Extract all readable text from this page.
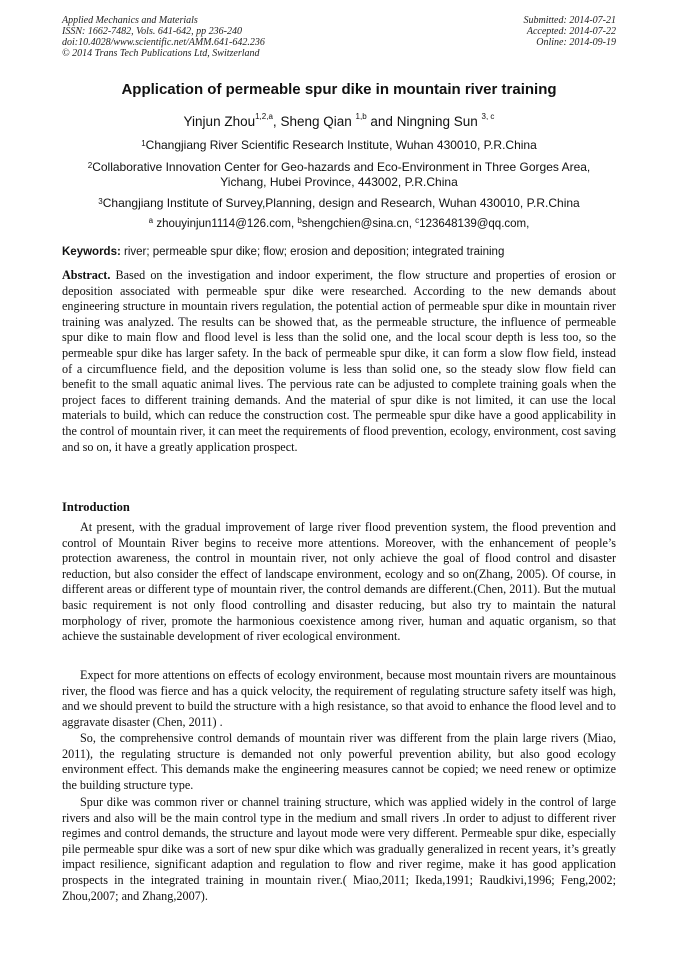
Applied Mechanics and Materials
ISSN: 1662-7482, Vols. 641-642, pp 236-240
doi:10.4028/www.scientific.net/AMM.641-642.236
© 2014 Trans Tech Publications Ltd, Switzerland
Submitted: 2014-07-21
Accepted: 2014-07-22
Online: 2014-09-19
Application of permeable spur dike in mountain river training
Yinjun Zhou$^{1,2,a}$, Sheng Qian $^{1,b}$ and Ningning Sun $^{3, c}$
$^1$Changjiang River Scientific Research Institute, Wuhan 430010, P.R.China
$^2$Collaborative Innovation Center for Geo-hazards and Eco-Environment in Three Gorges Area,
Yichang, Hubei Province, 443002, P.R.China
$^3$Changjiang Institute of Survey,Planning, design and Research, Wuhan 430010, P.R.China
$^a$ zhouyinjun1114@126.com, $^b$shengchien@sina.cn, $^c$123648139@qq.com,
Keywords: river; permeable spur dike; flow; erosion and deposition; integrated training
Abstract. Based on the investigation and indoor experiment, the flow structure and properties of erosion or deposition associated with permeable spur dike were researched. According to the new demands about engineering structure in mountain rivers regulation, the potential action of permeable spur dike in mountain river training was analyzed. The results can be showed that, as the permeable structure, the influence of permeable spur dike to main flow and flood level is less than the solid one, and the local scour depth is less too, so the permeable spur dike has larger safety. In the back of permeable spur dike, it can form a slow flow field, instead of a circumfluence field, and the deposition volume is less than solid one, so the steady slow flow field can benefit to the small aquatic animal lives. The pervious rate can be adjusted to complete training goals when the project faces to different training demands. And the material of spur dike is not limited, it can use the local materials to build, which can reduce the construction cost. The permeable spur dike have a good applicability in the control of mountain river, it can meet the requirements of flood prevention, ecology, environment, cost saving and so on, it have a greatly application prospect.
Introduction
At present, with the gradual improvement of large river flood prevention system, the flood prevention and control of Mountain River begins to receive more attentions. Moreover, with the enhancement of people’s protection awareness, the control in mountain river, not only achieve the goal of flood control and disaster reduction, but also consider the effect of landscape environment, ecology and so on(Zhang, 2005). Of course, in different areas or different type of mountain river, the control demands are different.(Chen, 2011). But the mutual basic requirement is not only flood controlling and disaster reducing, but also try to maintain the natural morphology of river, promote the harmonious coexistence among river, human and aquatic organism, so that achieve the sustainable development of river ecological environment.
Expect for more attentions on effects of ecology environment, because most mountain rivers are mountainous river, the flood was fierce and has a quick velocity, the requirement of regulating structure safety itself was high, and we should prevent to build the structure with a high resistance, so that avoid to enhance the flood level and to aggravate disaster (Chen, 2011) .
So, the comprehensive control demands of mountain river was different from the plain large rivers (Miao, 2011), the regulating structure is demanded not only powerful prevention ability, but also good ecology environment effect. This demands make the engineering measures cannot be copied; we need renew or optimize the building structure type.
Spur dike was common river or channel training structure, which was applied widely in the control of large rivers and also will be the main control type in the medium and small rivers .In order to adjust to different river regimes and control demands, the structure and layout mode were very different. Permeable spur dike, especially pile permeable spur dike was a sort of new spur dike which was gradually generalized in recent years, it’s greatly impact resilience, significant adaption and regulation to flow and river regime, make it has good application prospects in the integrated training in mountain river.( Miao,2011; Ikeda,1991; Raudkivi,1996; Feng,2002; Zhou,2007; and Zhang,2007).
